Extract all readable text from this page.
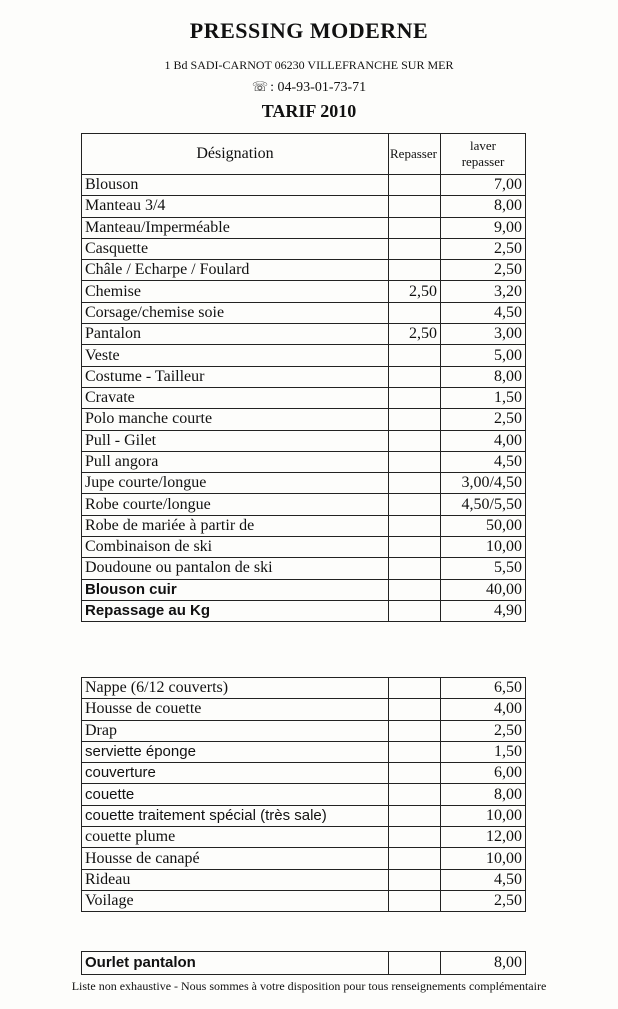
PRESSING MODERNE
1 Bd SADI-CARNOT 06230 VILLEFRANCHE SUR MER
☏ : 04-93-01-73-71
TARIF 2010
Désignation	Repasser	laver
repasser

Blouson		7,00
Manteau 3/4		8,00
Manteau/Imperméable		9,00
Casquette		2,50
Châle / Echarpe / Foulard		2,50
Chemise	2,50	3,20
Corsage/chemise soie		4,50
Pantalon	2,50	3,00
Veste		5,00
Costume - Tailleur		8,00
Cravate		1,50
Polo manche courte		2,50
Pull - Gilet		4,00
Pull angora		4,50
Jupe courte/longue		3,00/4,50
Robe courte/longue		4,50/5,50
Robe de mariée à partir de		50,00
Combinaison de ski		10,00
Doudoune ou pantalon de ski		5,50
Blouson cuir		40,00
Repassage au Kg		4,90
Nappe (6/12 couverts)		6,50
Housse de couette		4,00
Drap		2,50
serviette éponge		1,50
couverture		6,00
couette		8,00
couette traitement spécial (très sale)		10,00
couette plume		12,00
Housse de canapé		10,00
Rideau		4,50
Voilage		2,50
Ourlet pantalon		8,00
Liste non exhaustive - Nous sommes à votre disposition pour tous renseignements complémentaire
